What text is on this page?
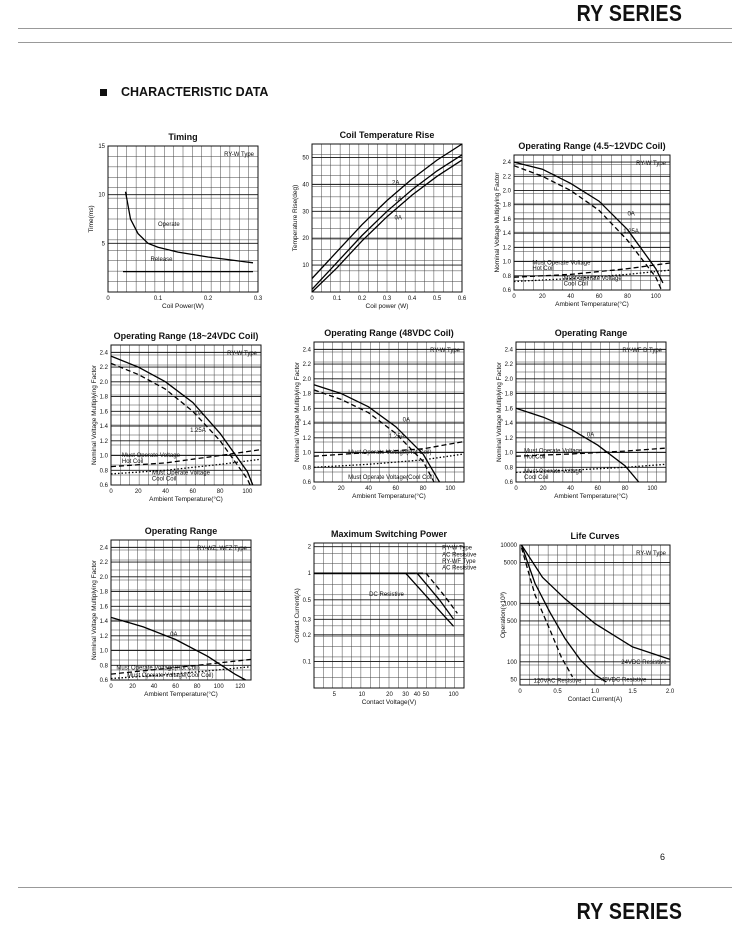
RY SERIES
CHARACTERISTIC DATA
Timing
RY-W Type
0	0.1	0.2	0.3
5
10
15
Coil Power(W)
Time(ms)	Operate
Release
Coil Temperature Rise
0	0.1	0.2	0.3	0.4	0.5	0.6
10
20
30
40
50
Coil power (W)
Temperature Rise(deg)
2A
1A
0A
Operating Range (4.5~12VDC Coil)
RY-W Type
0	20	40	60	80	100
0.6
0.8
1.0
1.2
1.4
1.6
1.8
2.0
2.2
2.4
Ambient Temperature(°C)
Nominal Voltage Multiplying Factor	0A
1.25A
Must Operate Voltage
Hot Coil
Must Operate Voltage
Cool Coil
Operating Range (18~24VDC Coil)
RY-W Type
0	20	40	60	80	100
0.6
0.8
1.0
1.2
1.4
1.6
1.8
2.0
2.2
2.4
Ambient Temperature(°C)
Nominal Voltage Multiplying Factor	0A
1.25A
Must Operate Voltage
Hot Coil
Must Operate Voltage
Cool Coil
Operating Range (48VDC Coil)
RY-W Type
0	20	40	60	80	100
0.6
0.8
1.0
1.2
1.4
1.6
1.8
2.0
2.2
2.4
Ambient Temperature(°C)
Nominal Voltage Multiplying Factor	0A
1.25A
Must Operate Voltage(Hot Coil)
Must Operate Voltage(Cool Coil)
Operating Range
RY-WF D Type
0	20	40	60	80	100
0.6
0.8
1.0
1.2
1.4
1.6
1.8
2.0
2.2
2.4
Ambient Temperature(°C)
Nominal Voltage Multiplying Factor	0A
Must Operate Voltage
Hot Coil
Must Operate Voltage
Cool Coil
Operating Range
RY-WZ, WFZ Type
0	20 40 60 80 100 120
0.6
0.8
1.0
1.2
1.4
1.6
1.8
2.0
2.2
2.4
Ambient Temperature(°C)
Nominal Voltage Multiplying Factor	0A
Must Operate Voltage(Hot Coil)
Must Operate Voltage(Cool Coil)
Maximum Switching Power
5	10	20 30 40 50	100
0.1
0.2
0.3
0.5
1
2
Contact Voltage(V)
Contact Current(A)
RY-W Type
AC Resistive
RY-WF Type
AC Resistive
DC Resistive
Life Curves
RY-W Type
0	0.5	1.0	1.5	2.0
50
100
500
1000
5000
10000
Contact Current(A)
Operation(×10³)
24VDC Resistive
48VDC Resistive
120VAC Resistive
6
RY SERIES
